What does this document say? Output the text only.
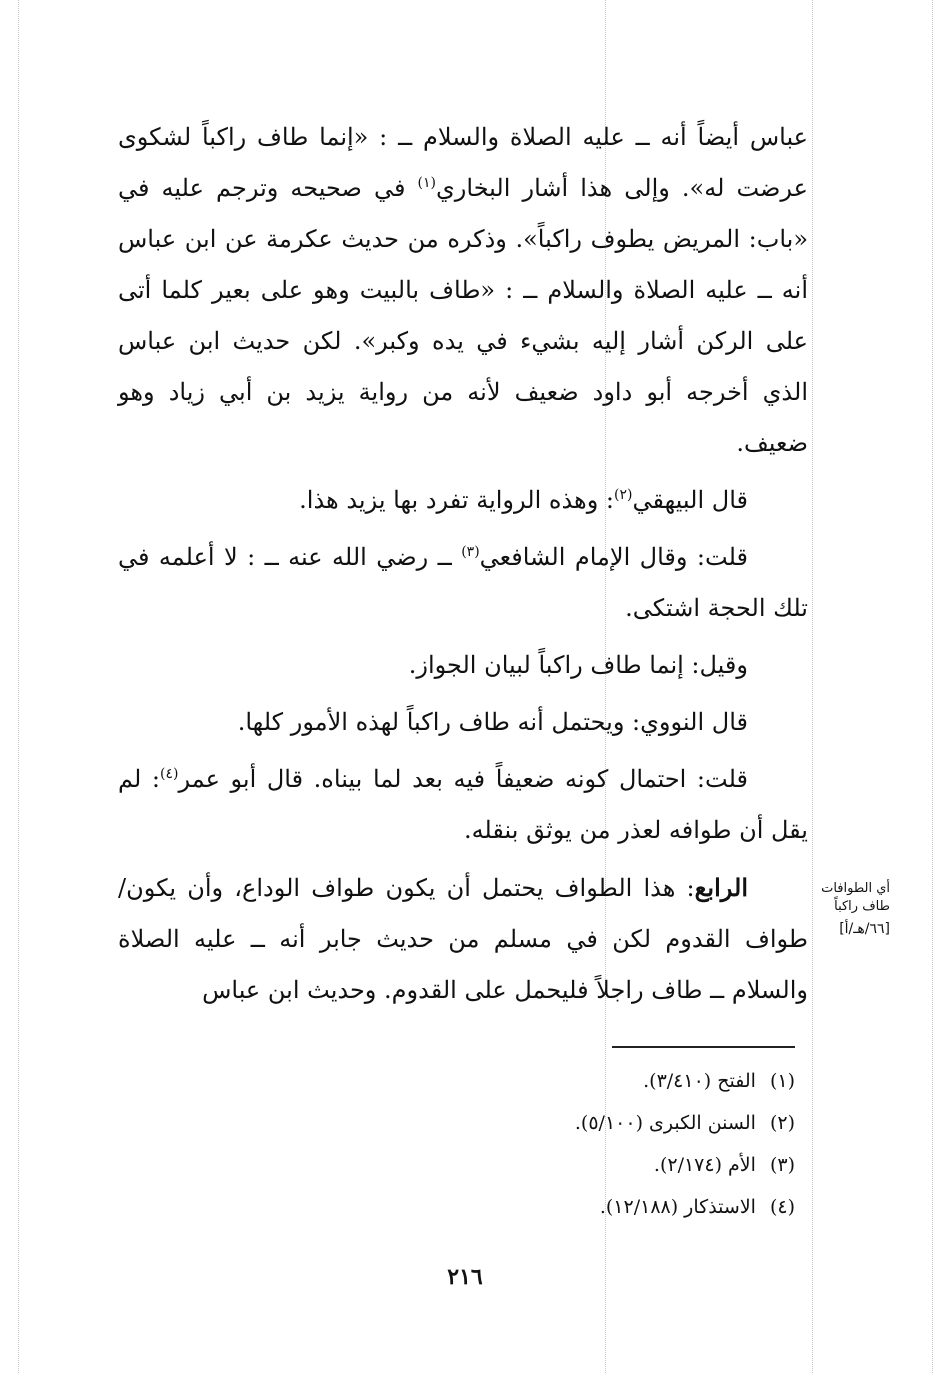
عباس أيضاً أنه ــ عليه الصلاة والسلام ــ : «إنما طاف راكباً لشكوى عرضت له». وإلى هذا أشار البخاري$^{(١)}$ في صحيحه وترجم عليه في «باب: المريض يطوف راكباً». وذكره من حديث عكرمة عن ابن عباس أنه ــ عليه الصلاة والسلام ــ : «طاف بالبيت وهو على بعير كلما أتى على الركن أشار إليه بشيء في يده وكبر». لكن حديث ابن عباس الذي أخرجه أبو داود ضعيف لأنه من رواية يزيد بن أبي زياد وهو ضعيف.

قال البيهقي$^{(٢)}$: وهذه الرواية تفرد بها يزيد هذا.

قلت: وقال الإمام الشافعي$^{(٣)}$ ــ رضي الله عنه ــ : لا أعلمه في تلك الحجة اشتكى.

وقيل: إنما طاف راكباً لبيان الجواز.

قال النووي: ويحتمل أنه طاف راكباً لهذه الأمور كلها.

قلت: احتمال كونه ضعيفاً فيه بعد لما بيناه. قال أبو عمر$^{(٤)}$: لم يقل أن طوافه لعذر من يوثق بنقله.

الرابع: هذا الطواف يحتمل أن يكون طواف الوداع، وأن يكون/ طواف القدوم لكن في مسلم من حديث جابر أنه ــ عليه الصلاة والسلام ــ طاف راجلاً فليحمل على القدوم. وحديث ابن عباس

أي الطوافات طاف راكباً
[٦٦/هـ/أ]
(١)الفتح (٣/٤١٠).
(٢)السنن الكبرى (٥/١٠٠).
(٣)الأم (٢/١٧٤).
(٤)الاستذكار (١٢/١٨٨).
٢١٦
